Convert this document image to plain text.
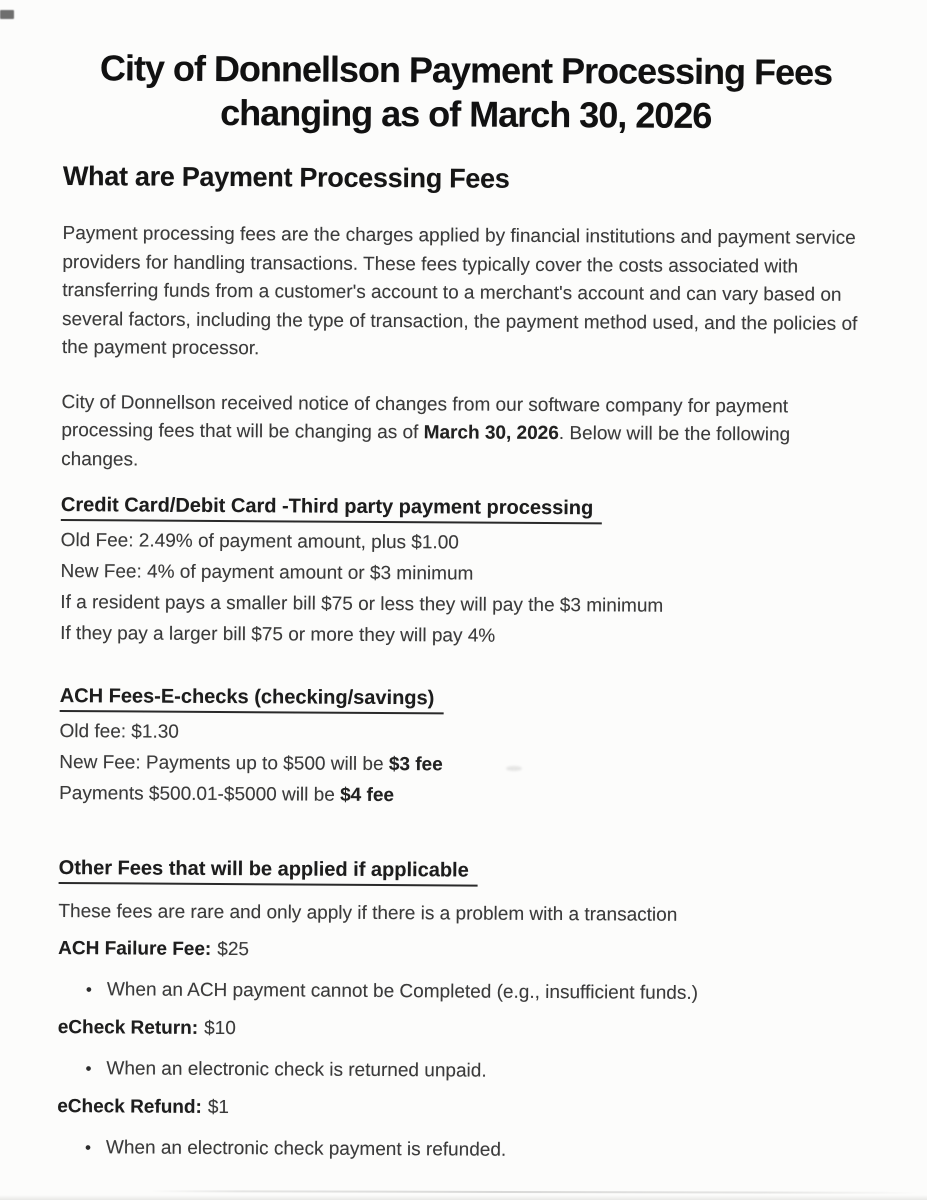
City of Donnellson Payment Processing Fees
changing as of March 30, 2026
What are Payment Processing Fees

Payment processing fees are the charges applied by financial institutions and payment service providers for handling transactions. These fees typically cover the costs associated with transferring funds from a customer's account to a merchant's account and can vary based on several factors, including the type of transaction, the payment method used, and the policies of the payment processor.

City of Donnellson received notice of changes from our software company for payment processing fees that will be changing as of March 30, 2026. Below will be the following changes.

Credit Card/Debit Card -Third party payment processing

Old Fee: 2.49% of payment amount, plus $1.00

New Fee: 4% of payment amount or $3 minimum

If a resident pays a smaller bill $75 or less they will pay the $3 minimum

If they pay a larger bill $75 or more they will pay 4%

ACH Fees-E-checks (checking/savings)

Old fee: $1.30

New Fee: Payments up to $500 will be $3 fee

Payments $500.01-$5000 will be $4 fee

Other Fees that will be applied if applicable

These fees are rare and only apply if there is a problem with a transaction

ACH Failure Fee: $25

• When an ACH payment cannot be Completed (e.g., insufficient funds.)

eCheck Return: $10

• When an electronic check is returned unpaid.

eCheck Refund: $1

• When an electronic check payment is refunded.
